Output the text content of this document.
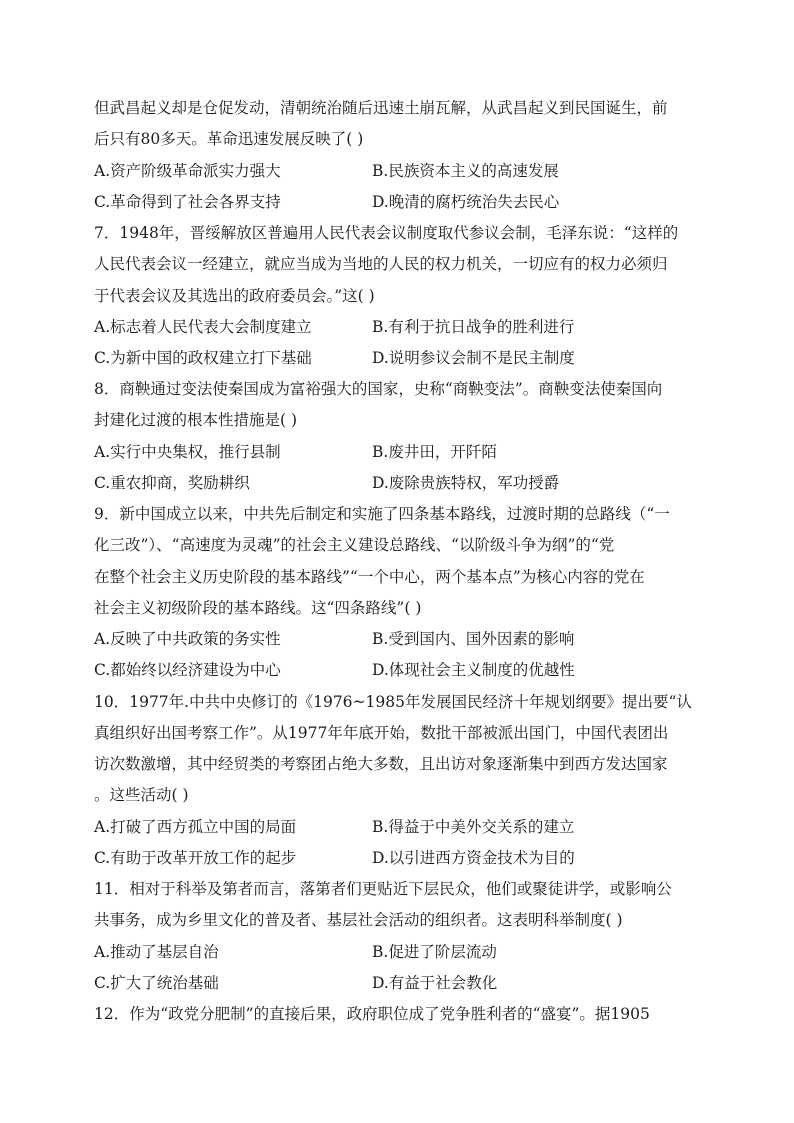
但武昌起义却是仓促发动，清朝统治随后迅速土崩瓦解，从武昌起义到民国诞生，前
后只有80多天。革命迅速发展反映了( )
A.资产阶级革命派实力强大	B.民族资本主义的高速发展
C.革命得到了社会各界支持	D.晚清的腐朽统治失去民心
7．1948年，晋绥解放区普遍用人民代表会议制度取代参议会制，毛泽东说：“这样的
人民代表会议一经建立，就应当成为当地的人民的权力机关，一切应有的权力必须归
于代表会议及其选出的政府委员会。”这( )
A.标志着人民代表大会制度建立	B.有利于抗日战争的胜利进行
C.为新中国的政权建立打下基础	D.说明参议会制不是民主制度
8．商鞅通过变法使秦国成为富裕强大的国家，史称“商鞅变法”。商鞅变法使秦国向
封建化过渡的根本性措施是( )
A.实行中央集权，推行县制	B.废井田，开阡陌
C.重农抑商，奖励耕织	D.废除贵族特权，军功授爵
9．新中国成立以来，中共先后制定和实施了四条基本路线，过渡时期的总路线（“一
化三改”）、“高速度为灵魂”的社会主义建设总路线、“以阶级斗争为纲”的“党
在整个社会主义历史阶段的基本路线”“一个中心，两个基本点”为核心内容的党在
社会主义初级阶段的基本路线。这“四条路线”( )
A.反映了中共政策的务实性	B.受到国内、国外因素的影响
C.都始终以经济建设为中心	D.体现社会主义制度的优越性
10．1977年.中共中央修订的《1976~1985年发展国民经济十年规划纲要》提出要“认
真组织好出国考察工作”。从1977年年底开始，数批干部被派出国门，中国代表团出
访次数激增，其中经贸类的考察团占绝大多数，且出访对象逐渐集中到西方发达国家
。这些活动( )
A.打破了西方孤立中国的局面	B.得益于中美外交关系的建立
C.有助于改革开放工作的起步	D.以引进西方资金技术为目的
11．相对于科举及第者而言，落第者们更贴近下层民众，他们或聚徒讲学，或影响公
共事务，成为乡里文化的普及者、基层社会活动的组织者。这表明科举制度( )
A.推动了基层自治	B.促进了阶层流动
C.扩大了统治基础	D.有益于社会教化
12．作为“政党分肥制”的直接后果，政府职位成了党争胜利者的“盛宴”。据1905
